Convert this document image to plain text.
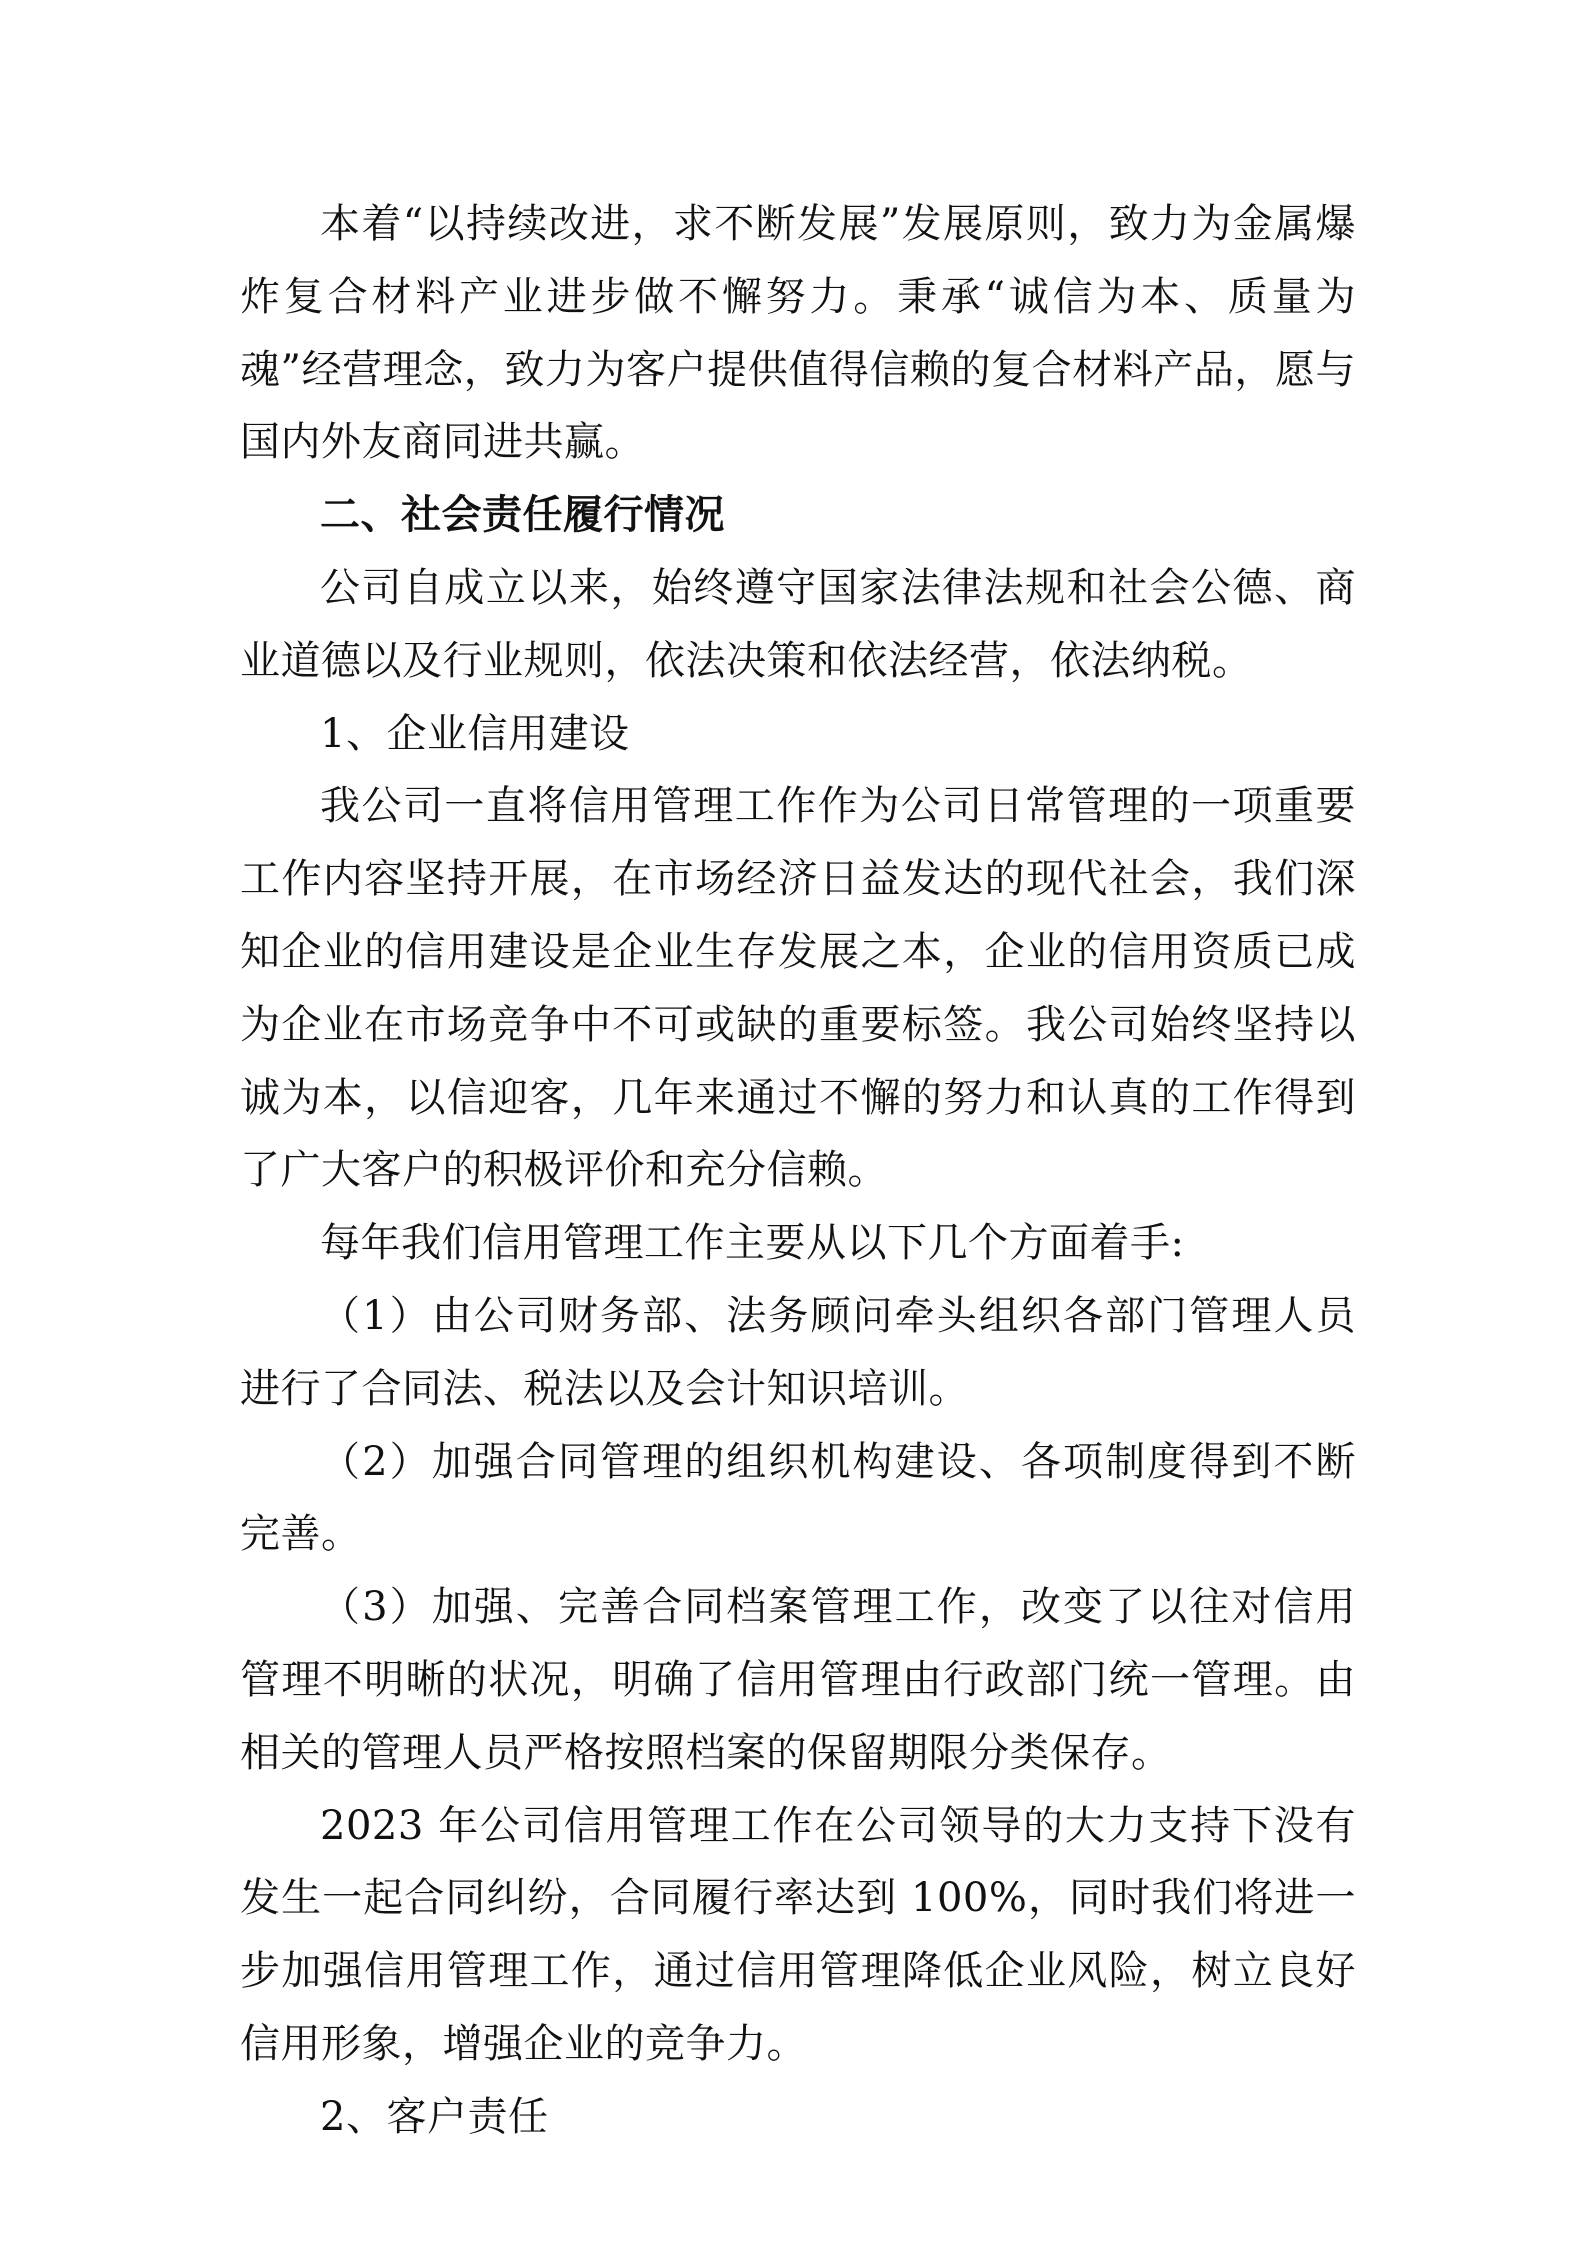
本着“以持续改进，求不断发展”发展原则，致力为金属爆炸复合材料产业进步做不懈努力。秉承“诚信为本、质量为魂”经营理念，致力为客户提供值得信赖的复合材料产品，愿与国内外友商同进共赢。

二、社会责任履行情况

公司自成立以来，始终遵守国家法律法规和社会公德、商业道德以及行业规则，依法决策和依法经营，依法纳税。

1、企业信用建设

我公司一直将信用管理工作作为公司日常管理的一项重要工作内容坚持开展，在市场经济日益发达的现代社会，我们深知企业的信用建设是企业生存发展之本，企业的信用资质已成为企业在市场竞争中不可或缺的重要标签。我公司始终坚持以诚为本，以信迎客，几年来通过不懈的努力和认真的工作得到了广大客户的积极评价和充分信赖。

每年我们信用管理工作主要从以下几个方面着手:

（1）由公司财务部、法务顾问牵头组织各部门管理人员进行了合同法、税法以及会计知识培训。

（2）加强合同管理的组织机构建设、各项制度得到不断完善。

（3）加强、完善合同档案管理工作，改变了以往对信用管理不明晰的状况，明确了信用管理由行政部门统一管理。由相关的管理人员严格按照档案的保留期限分类保存。

2023 年公司信用管理工作在公司领导的大力支持下没有发生一起合同纠纷，合同履行率达到 100%，同时我们将进一步加强信用管理工作，通过信用管理降低企业风险，树立良好信用形象，增强企业的竞争力。

2、客户责任
